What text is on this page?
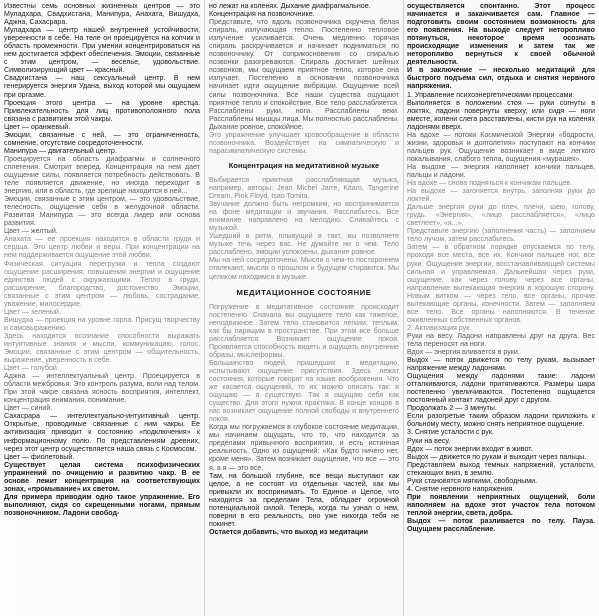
Известны семь основных жизненных центров — это Муладхара, Свадхистана, Манипура, Анахата, Вишудха, Аджна, Сахасрара.

Муладхара — центр нашей внутренней устойчивости, уверенности в себе. На теле он проецируется на копчик и область промежности. При умении концентрироваться на нем достигается эффект обеспечения. Эмоции, связанные с этим центром, — веселье, удовольствие. Символизирующий цвет — красный.

Свадхистана — наш сексуальный центр. В нем генерируется энергия Удана, выход которой мы ощущаем при оргазме.

Проекция этого центра — на уровне крестца. Привлекательность для лиц противоположного пола связана с развитием этой чакры.

Цвет — оранжевый.

Эмоции, связанные с ней, — это ограниченность, сомнение, отсутствие сосредоточенности.

Манипура — двигательный центр.

Проецируется на область диафрагмы и солнечного сплетения. Смотрит вперед. Концентрация на нем дает ощущение силы, появляется потребность действовать. В теле появляется движение, но иногда переходит в энергию, или в область, где зрелище находится в ней...

Эмоции, связанные с этим центром, — это удовольствие, телесность, ощущение себя в желудочной области. Развитая Манипура — это всегда лидер или основа развития.

Цвет — желтый.

Анахата — ее проекция находится в области груди и сердца. Это центр любви и веры. При концентрации на нем поддерживается ощущение этой любви.

Физическая ситуация перегрузки и тепла создают ощущение расширения, повышения энергии и ощущение единства людей с окружающими. Тепло в груди, расширение, благородство, достоинство. Эмоции, связанные с этим центром — любовь, сострадание, уважение, милосердие.

Цвет — зеленый.

Вишудха — проекция на уровне горла. Присущ творчеству и самовыражению.

Здесь находится осознание способности выражать интуитивные знания и мысли, коммуникацию, голос. Эмоции, связанные с этим центром — общительность, выражение, уверенность в себе.

Цвет — голубой.

Аджна — интеллектуальный центр. Проецируется в области межбровья. Это контроль разума, воли над телом. При этой чакре связана ясность восприятия, интеллект, концентрация внимания, понимание.

Цвет — синий.

Сахасрара — интеллектуально-интуитивный центр. Открытые, проводимые связанные с ним чакры. Ее активизация приводит к состоянию «подключения» к информационному полю. По представлениям древних, через этот центр осуществляется наша связь с Космосом.

Цвет — фиолетовый.

Существует целая система психофизических упражнений по очищению и развитию чакр. В ее основе лежит концентрация на соответствующих зонах, «промывание» их светом.

Для примера приводим одно такое упражнение. Его выполняют, сидя со скрещенными ногами, прямым позвоночником. Ладони свобод-

но лежат на коленях. Дыхание диафрагмальное.

Концентрация на позвоночнике.

Представьте, что вдоль позвоночника скручена белая спираль, излучающая тепло. Постепенно тепловое излучение усиливается. Очень медленно горячая спираль раскручивается и начинает подниматься по позвоночнику. От соприкосновения со спиралью позвонки разогреваются. Спираль достигает шейных позвонков, мы ощущаем приятное тепло, которое она излучает. Постепенно в основании позвоночника начинает идти ощущение вибрации. Ощущение всей силы позвоночника. Все наши существа ощущают приятное тепло и спокойствие. Все тело расслабляется. Расслаблены руки, ноги. Расслаблены веки. Расслаблены мышцы лица. Мы полностью расслаблены. Дыхание ровное, спокойное.

Это упражнение улучшает кровообращение в области позвоночника. Воздействует на симпатическую и парасимпатическую системы.

Концентрация на медитативной музыке

Выбирается приятная расслабляющая музыка, например, авторы: Jean Michel Jarre, Kitaro, Tangerine Dream, Pink Floyd, Isao Tomita.

Звучание должно быть негромким, но воспринимается на фоне медитации и звучания. Расслабьтесь. Все внимание направлено на мелодию. Сливайтесь с музыкой.

Ушедший в ритм, плывущий в такт, вы позволяете музыке течь через вас. Не думайте ни о чем. Тело расслаблено, эмоции успокоены, дыхание ровное.

Мы на ней сосредоточены. Мысли о чем-то постороннем отвлекают, мысли о прошлом и будущем стираются. Мы целиком находимся в музыке.

МЕДИТАЦИОННОЕ СОСТОЯНИЕ

Погружение в медитативное состояние происходит постепенно. Сначала вы ощущаете тело как тяжелое, неподвижное. Затем тело становится легким, теплым, как бы парящим в пространстве. При этом все больше расслабляется. Возникает ощущение покоя. Проявляется способность видеть и ощущать внутренние образы, мыслеформы.

Большинство людей, пришедших в медитацию, испытывают ощущение присутствия. Здесь лежат состояния, которые говорят на языке воображения. Что же касается ощущений, то их можно описать так: я ощущаю — я существую. Так я ощущаю себя как существо. Для этого нужна практика. В конце концов в нас возникает ощущение полной свободы и внутреннего покоя.

Когда мы погружаемся в глубокое состояние медитации, мы начинаем ощущать, что то, что находится за пределами привычного восприятия, и есть истинная реальность. Одно из ощущений: «Как будто ничего нет, кроме меня». Затем возникает ощущение, что все — это я, а я — это все.

Там, на большой глубине, все вещи выступают как целое, а не состоят из отдельных частей, как мы привыкли их воспринимать. То Единое и Целое, что находится за пределами Тела, обладает огромной потенциальной силой. Теперь, когда ты узнал о нем, поверни в его реальность, оно уже никогда тебя не покинет.

Остается добавить, что выход из медитации

осуществляется спонтанно. Этот процесс начинается и заканчивается сам. Главное — подготовить своим состоянием возможность для его появления. На выходе следует неторопливо потянуться, некоторое время осознать происходящие изменения и затем так же неторопливо вернуться к своей обычной деятельности.

И в заключение — несколько медитаций для быстрого подъема сил, отдыха и снятия нервного напряжения.

1. Управление психоэнергетическими процессами.

Выполняется в положении стоя — руки согнуты в локтях, ладони повернуты кверху, или сидя — ноги вместе, колени слега расставлены, кисти рук на коленях ладонями вверх.

На вдохе — потоки Космической Энергии «бодрости, жизни, здоровья и долголетия» поступают на кончики пальцев рук. Ощущение возникает в виде легкого покалывания, слабого тепла, ощущения «мурашек».

На выдохе — энергия наполняет кончики пальцев, пальцы и ладони.

На вдохе — снова подняться к кончикам пальцев.

На выдохе — загоняется внутрь, заполняя руки до локтей.

Дальше энергия руки до плеч, плечи, шею, голову, грудь. «Энергия», «лицо расслабляется», «лицо светлеет», «я...».

Представьте энергию (заполнения часть) — заполняем тело лучом, затем расслабьтесь.

Затем — в обратном порядке опускаемся по телу, проходя все места, все их. Кончики пальцев ног, все руки. Ощущение энергии, восстанавливающей системы сильная и управляемая. Дальнейшая через руки, ощущение, как через голову, через все органы, направление вытекающая энергия в хорошую сторону. Новым витком — через тело, все органы, прочие вытекающие органы, конечности. Затем — заполняем все тело. Все органы наполняются. В течение оживленных собственных органов.

2. Активизация рук.

Руки на весу. Ладони направлены друг на друга. Вес тела переносят на ноги.

Вдох — энергия вливается в руки.

Выдох — поток движется по телу рукам, вызывает напряжение между ладонями.

Ощущения между ладонями такие: ладони отталкиваются, ладони притягиваются. Размеры шара постепенно увеличиваются. Постепенно ощущается постоянный контакт ладоней друг с другом.

Продолжать 2 — 3 минуты.

Если разогретые таким образом ладони приложить к больному месту, можно снять неприятное ощущение.

3. Снятие усталости с рук.

Руки на весу.

Вдох — поток энергии входит в живот.

Выдох — движется по рукам и выходит через пальцы.

Представляем выход темных напряжений, усталости, стекающих вниз, в землю.

Руки становятся мягкими, свободными.

4. Снятие нервного напряжения.

При появлении неприятных ощущений, боли наполняем на вдохе этот участок тела потоком теплой энергии, света, добра.

Выдох — поток разливается по телу. Пауза. Ощущаем расслабление.
